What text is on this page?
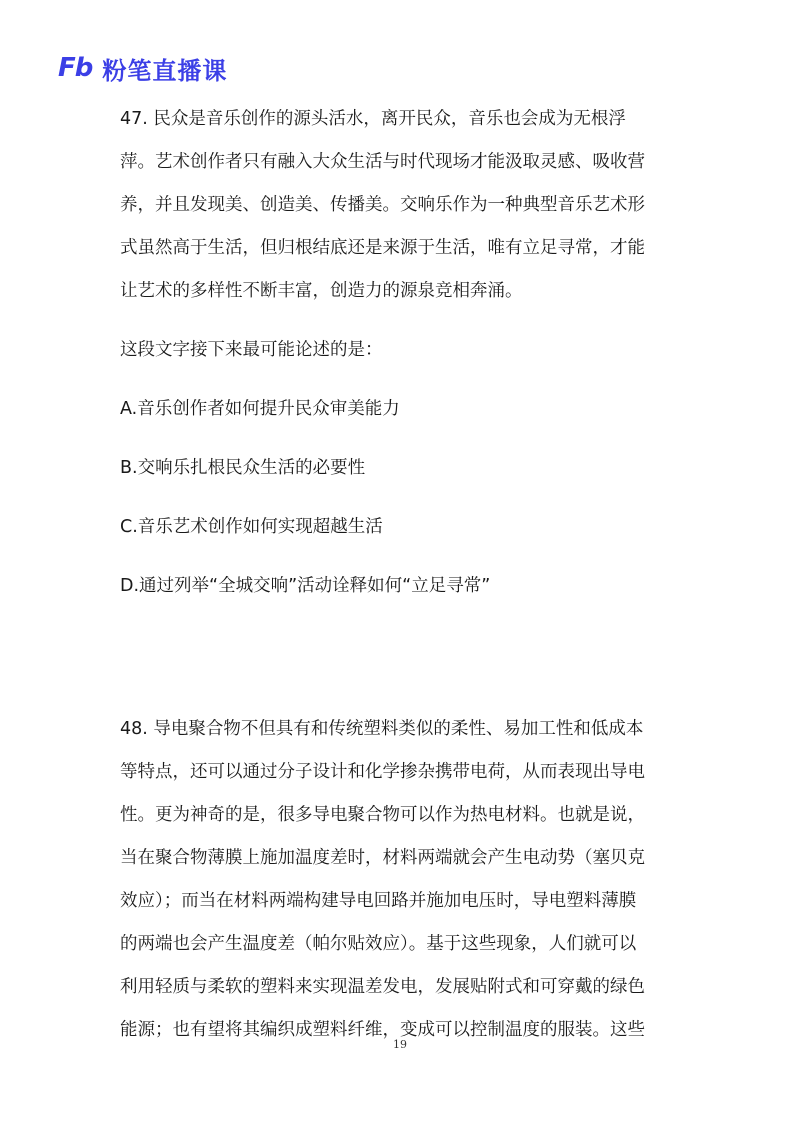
Fb 粉笔直播课
47. 民众是音乐创作的源头活水，离开民众，音乐也会成为无根浮
萍。艺术创作者只有融入大众生活与时代现场才能汲取灵感、吸收营
养，并且发现美、创造美、传播美。交响乐作为一种典型音乐艺术形
式虽然高于生活，但归根结底还是来源于生活，唯有立足寻常，才能
让艺术的多样性不断丰富，创造力的源泉竞相奔涌。
这段文字接下来最可能论述的是：
A.音乐创作者如何提升民众审美能力
B.交响乐扎根民众生活的必要性
C.音乐艺术创作如何实现超越生活
D.通过列举“全城交响”活动诠释如何“立足寻常”
48. 导电聚合物不但具有和传统塑料类似的柔性、易加工性和低成本
等特点，还可以通过分子设计和化学掺杂携带电荷，从而表现出导电
性。更为神奇的是，很多导电聚合物可以作为热电材料。也就是说，
当在聚合物薄膜上施加温度差时，材料两端就会产生电动势（塞贝克
效应）；而当在材料两端构建导电回路并施加电压时，导电塑料薄膜
的两端也会产生温度差（帕尔贴效应）。基于这些现象，人们就可以
利用轻质与柔软的塑料来实现温差发电，发展贴附式和可穿戴的绿色
能源；也有望将其编织成塑料纤维，变成可以控制温度的服装。这些
19
